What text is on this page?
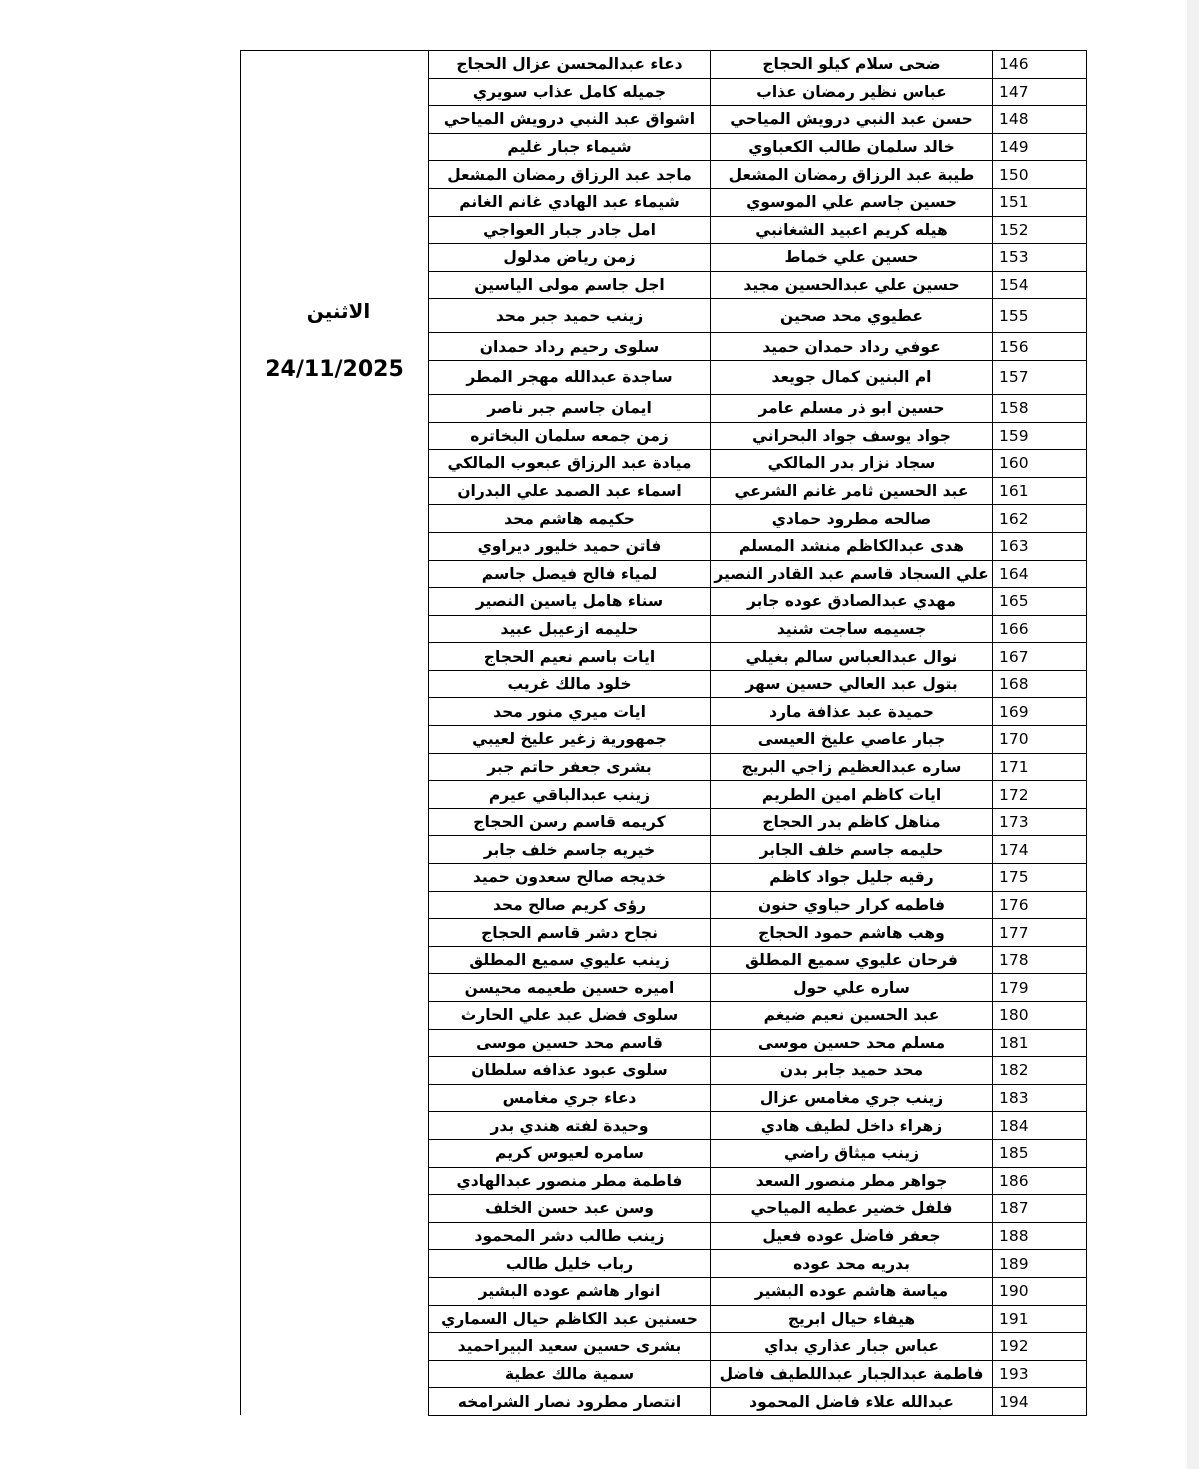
الاثنين
24/11/2025	دعاء عبدالمحسن عزال الحجاج	ضحى سلام كيلو الحجاج	146
	جميله كامل عذاب سويري	عباس نظير رمضان عذاب	147
	اشواق عبد النبي درويش المياحي	حسن عبد النبي درويش المياحي	148
	شيماء جبار غليم	خالد سلمان طالب الكعباوي	149
	ماجد عبد الرزاق رمضان المشعل	طيبة عبد الرزاق رمضان المشعل	150
	شيماء عبد الهادي غانم الغانم	حسين جاسم علي الموسوي	151
	امل جادر جبار العواجي	هيله كريم اعبيد الشغانبي	152
	زمن رياض مدلول	حسين علي خماط	153
	اجل جاسم مولى الياسين	حسين علي عبدالحسين مجيد	154
	زينب حميد جبر محد	عطيوي محد صحين	155
	سلوى رحيم رداد حمدان	عوفي رداد حمدان حميد	156
	ساجدة عبدالله مهجر المطر	ام البنين كمال جويعد	157
	ايمان جاسم جبر ناصر	حسين ابو ذر مسلم عامر	158
	زمن جمعه سلمان البخاتره	جواد يوسف جواد البحراني	159
	ميادة عبد الرزاق عبعوب المالكي	سجاد نزار بدر المالكي	160
	اسماء عبد الصمد علي البدران	عبد الحسين ثامر غانم الشرعي	161
	حكيمه هاشم محد	صالحه مطرود حمادي	162
	فاتن حميد خليور ديراوي	هدى عبدالكاظم منشد المسلم	163
	لمياء فالح فيصل جاسم	علي السجاد قاسم عبد القادر النصير	164
	سناء هامل ياسين النصير	مهدي عبدالصادق عوده جابر	165
	حليمه ازعيبل عبيد	جسيمه ساجت شنيد	166
	ايات باسم نعيم الحجاج	نوال عبدالعباس سالم بغيلي	167
	خلود مالك غريب	بتول عبد العالي حسين سهر	168
	ايات ميري منور محد	حميدة عبد عذافة مارد	169
	جمهورية زغير عليخ لعيبي	جبار عاصي عليخ العيسى	170
	بشرى جعفر حاتم جبر	ساره عبدالعظيم زاجي البريج	171
	زينب عبدالباقي عيرم	ايات كاظم امين الطريم	172
	كريمه قاسم رسن الحجاج	مناهل كاظم بدر الحجاج	173
	خيريه جاسم خلف جابر	حليمه جاسم خلف الجابر	174
	خديجه صالح سعدون حميد	رقيه جليل جواد كاظم	175
	رؤى كريم صالح محد	فاطمه كرار حياوي حنون	176
	نجاح دشر قاسم الحجاج	وهب هاشم حمود الحجاج	177
	زينب عليوي سميع المطلق	فرحان عليوي سميع المطلق	178
	اميره حسين طعيمه محيسن	ساره علي حول	179
	سلوى فضل عبد علي الحارث	عبد الحسين نعيم ضيغم	180
	قاسم محد حسين موسى	مسلم محد حسين موسى	181
	سلوى عبود عذافه سلطان	محد حميد جابر بدن	182
	دعاء جري مغامس	زينب جري مغامس عزال	183
	وحيدة لفته هندي بدر	زهراء داخل لطيف هادي	184
	سامره لعيوس كريم	زينب ميثاق راضي	185
	فاطمة مطر منصور عبدالهادي	جواهر مطر منصور السعد	186
	وسن عبد حسن الخلف	فلفل خضير عطيه المياحي	187
	زينب طالب دشر المحمود	جعفر فاضل عوده فعيل	188
	رباب خليل طالب	بدريه محد عوده	189
	انوار هاشم عوده البشير	مياسة هاشم عوده البشير	190
	حسنين عبد الكاظم حيال السماري	هيفاء حيال ابريج	191
	بشرى حسين سعيد البيراحميد	عباس جبار عذاري بداي	192
	سمية مالك عطية	فاطمة عبدالجبار عبداللطيف فاضل	193
	انتصار مطرود نصار الشرامخه	عبدالله علاء فاضل المحمود	194
